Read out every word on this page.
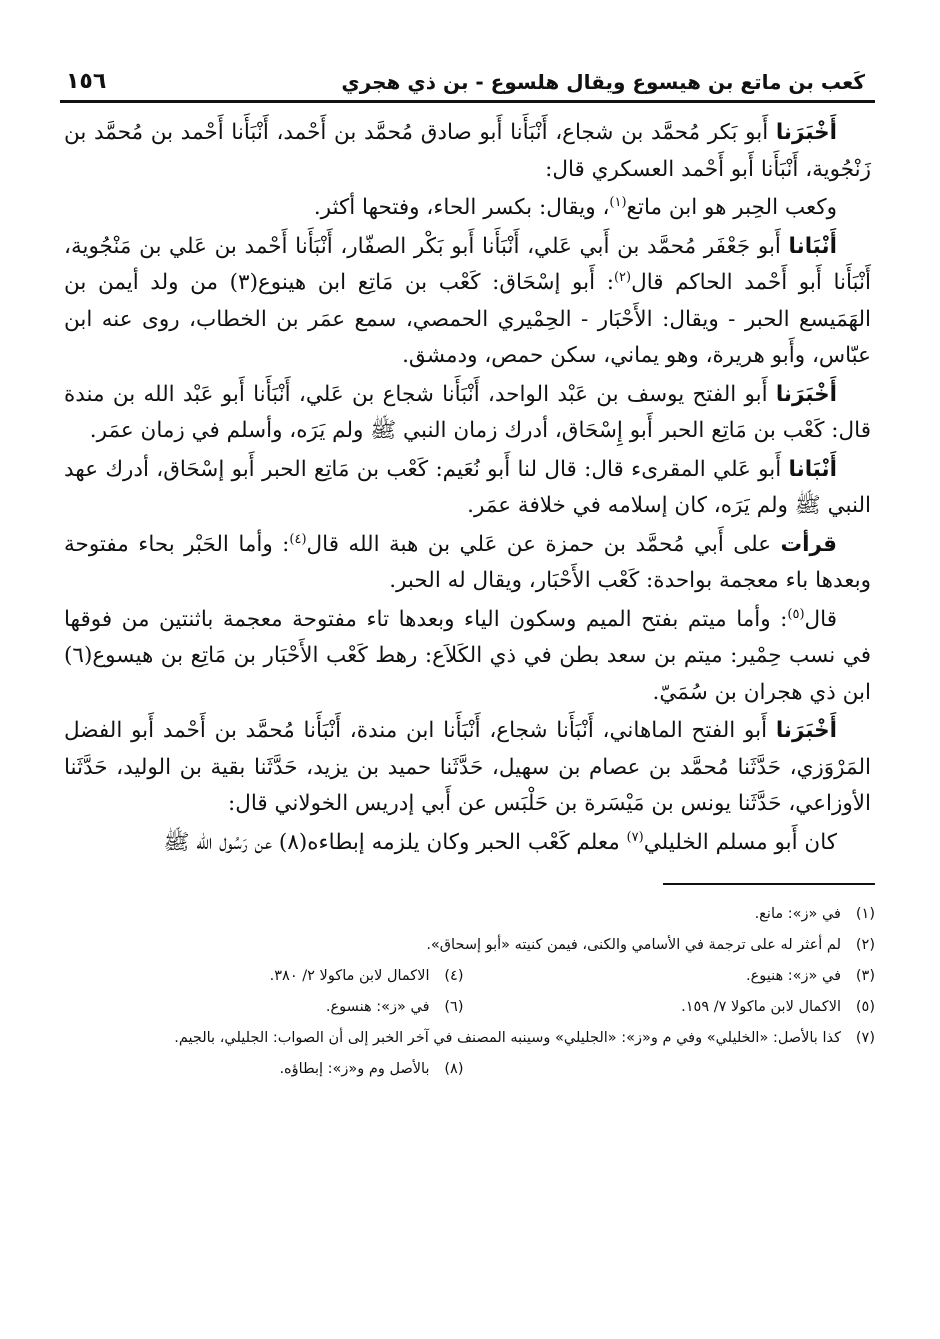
كَعب بن ماتع بن هيسوع ويقال هلسوع - بن ذي هجري
١٥٦

أَخْبَرَنا أَبو بَكر مُحمَّد بن شجاع، أَنْبَأَنا أَبو صادق مُحمَّد بن أَحْمد، أَنْبَأَنا أَحْمد بن مُحمَّد بن زَنْجُوية، أَنْبَأَنا أَبو أَحْمد العسكري قال:

وكعب الحِبر هو ابن ماتع$^{(١)}$، ويقال: بكسر الحاء، وفتحها أكثر.

أَنْبَانا أَبو جَعْفَر مُحمَّد بن أَبي عَلي، أَنْبَأَنا أَبو بَكْر الصفّار، أَنْبَأَنا أَحْمد بن عَلي بن مَنْجُوية، أَنْبَأَنا أَبو أَحْمد الحاكم قال$^{(٢)}$: أَبو إسْحَاق: كَعْب بن مَاتِع ابن هينوع(٣) من ولد أيمن بن الهَمَيسع الحبر - ويقال: الأَحْبَار - الحِمْيري الحمصي، سمع عمَر بن الخطاب، روى عنه ابن عبّاس، وأَبو هريرة، وهو يماني، سكن حمص، ودمشق.

أَخْبَرَنا أَبو الفتح يوسف بن عَبْد الواحد، أَنْبَأَنا شجاع بن عَلي، أَنْبَأَنا أَبو عَبْد الله بن مندة قال: كَعْب بن مَاتِع الحبر أَبو إِسْحَاق، أدرك زمان النبي ﷺ ولم يَرَه، وأسلم في زمان عمَر.

أَنْبَانا أَبو عَلي المقرىء قال: قال لنا أَبو نُعَيم: كَعْب بن مَاتِع الحبر أَبو إسْحَاق، أدرك عهد النبي ﷺ ولم يَرَه، كان إسلامه في خلافة عمَر.

قرأت على أَبي مُحمَّد بن حمزة عن عَلي بن هبة الله قال$^{(٤)}$: وأما الحَبْر بحاء مفتوحة وبعدها باء معجمة بواحدة: كَعْب الأَحْبَار، ويقال له الحبر.

قال$^{(٥)}$: وأما ميتم بفتح الميم وسكون الياء وبعدها تاء مفتوحة معجمة باثنتين من فوقها في نسب حِمْير: ميتم بن سعد بطن في ذي الكَلاَع: رهط كَعْب الأَحْبَار بن مَاتِع بن هيسوع(٦) ابن ذي هجران بن سُمَيّ.

أَخْبَرَنا أَبو الفتح الماهاني، أَنْبَأَنا شجاع، أَنْبَأَنا ابن مندة، أَنْبَأَنا مُحمَّد بن أَحْمد أَبو الفضل المَرْوَزي، حَدَّثَنا مُحمَّد بن عصام بن سهيل، حَدَّثَنا حميد بن يزيد، حَدَّثَنا بقية بن الوليد، حَدَّثَنا الأوزاعي، حَدَّثَنا يونس بن مَيْسَرة بن حَلْبَس عن أَبي إدريس الخولاني قال:

كان أَبو مسلم الخليلي$^{(٧)}$ معلم كَعْب الحبر وكان يلزمه إبطاءه(٨) عن رَسُول الله ﷺ

(١)
في «ز»: مانع.
(٢)
لم أعثر له على ترجمة في الأسامي والكنى، فيمن كنيته «أبو إسحاق».
(٣)
في «ز»: هنيوع.
(٤)
الاكمال لابن ماكولا ٢/ ٣٨٠.
(٥)
الاكمال لابن ماكولا ٧/ ١٥٩.
(٦)
في «ز»: هنسوع.
(٧)
كذا بالأصل: «الخليلي» وفي م و«ز»: «الجليلي» وسينبه المصنف في آخر الخبر إلى أن الصواب: الجليلي، بالجيم.
(٨)
بالأصل وم و«ز»: إبطاؤه.
